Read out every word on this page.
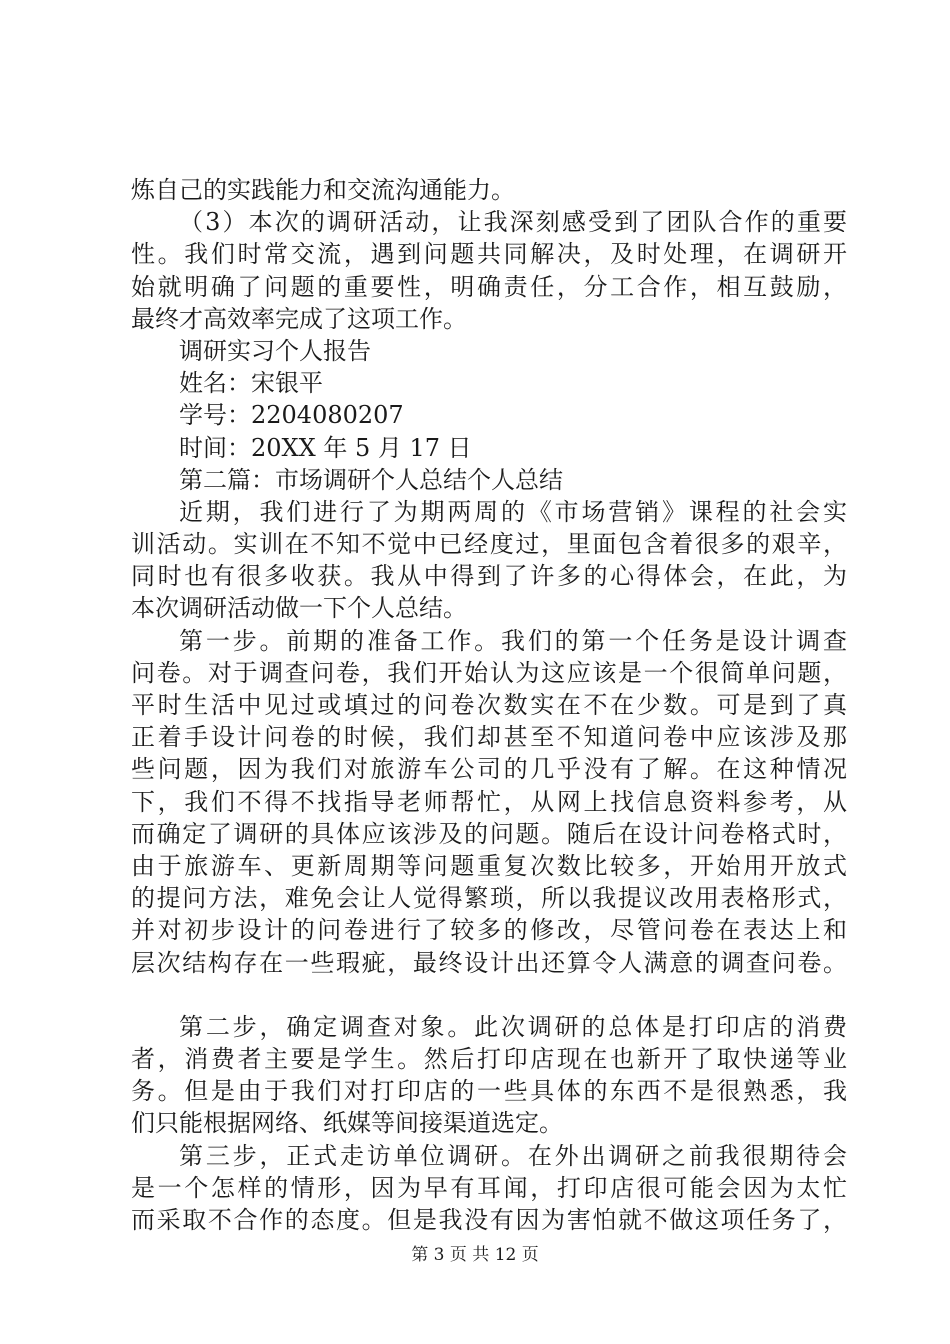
炼自己的实践能力和交流沟通能力。
（3）本次的调研活动，让我深刻感受到了团队合作的重要
性。我们时常交流，遇到问题共同解决，及时处理，在调研开
始就明确了问题的重要性，明确责任，分工合作，相互鼓励，
最终才高效率完成了这项工作。
调研实习个人报告
姓名：宋银平
学号：2204080207
时间：20XX 年 5 月 17 日
第二篇：市场调研个人总结个人总结
近期，我们进行了为期两周的《市场营销》课程的社会实
训活动。实训在不知不觉中已经度过，里面包含着很多的艰辛，
同时也有很多收获。我从中得到了许多的心得体会，在此，为
本次调研活动做一下个人总结。
第一步。前期的准备工作。我们的第一个任务是设计调查
问卷。对于调查问卷，我们开始认为这应该是一个很简单问题，
平时生活中见过或填过的问卷次数实在不在少数。可是到了真
正着手设计问卷的时候，我们却甚至不知道问卷中应该涉及那
些问题，因为我们对旅游车公司的几乎没有了解。在这种情况
下，我们不得不找指导老师帮忙，从网上找信息资料参考，从
而确定了调研的具体应该涉及的问题。随后在设计问卷格式时，
由于旅游车、更新周期等问题重复次数比较多，开始用开放式
的提问方法，难免会让人觉得繁琐，所以我提议改用表格形式，
并对初步设计的问卷进行了较多的修改，尽管问卷在表达上和
层次结构存在一些瑕疵，最终设计出还算令人满意的调查问卷。
第二步，确定调查对象。此次调研的总体是打印店的消费
者，消费者主要是学生。然后打印店现在也新开了取快递等业
务。但是由于我们对打印店的一些具体的东西不是很熟悉，我
们只能根据网络、纸媒等间接渠道选定。
第三步，正式走访单位调研。在外出调研之前我很期待会
是一个怎样的情形，因为早有耳闻，打印店很可能会因为太忙
而采取不合作的态度。但是我没有因为害怕就不做这项任务了，
第 3 页 共 12 页
